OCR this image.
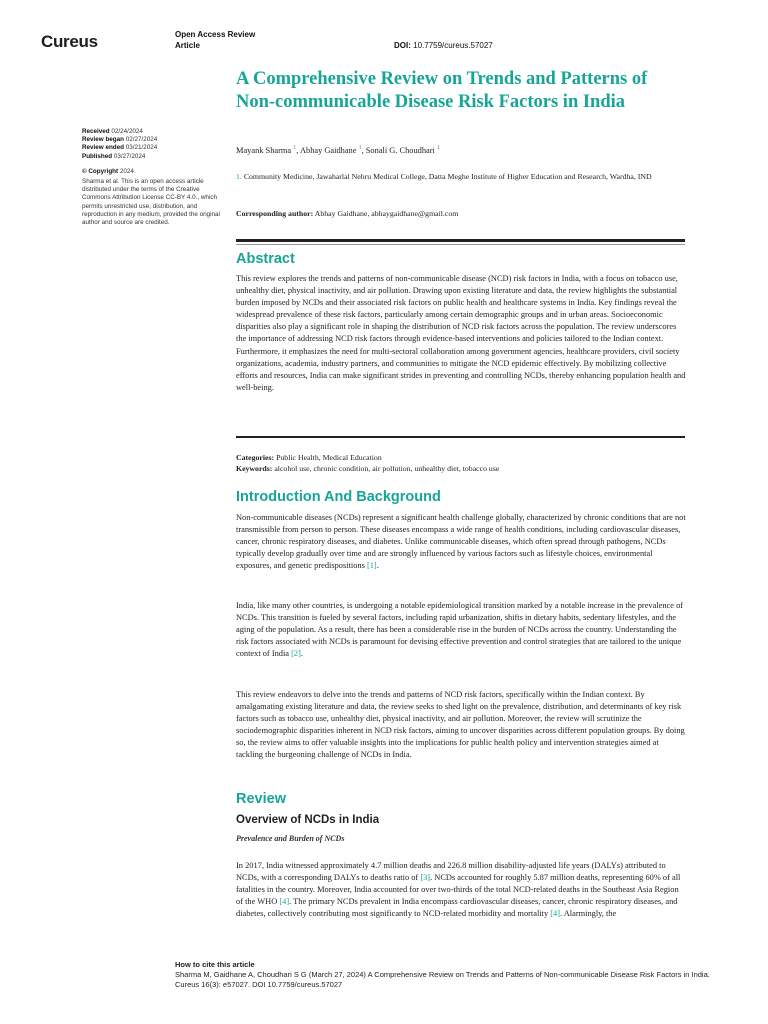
Cureus	Open Access Review
Article	DOI: 10.7759/cureus.57027
Received 02/24/2024
Review began 02/27/2024
Review ended 03/21/2024
Published 03/27/2024
© Copyright 2024
Sharma et al. This is an open access article distributed under the terms of the Creative Commons Attribution License CC-BY 4.0., which permits unrestricted use, distribution, and reproduction in any medium, provided the original author and source are credited.
A Comprehensive Review on Trends and Patterns of Non-communicable Disease Risk Factors in India
Mayank Sharma $^1$, Abhay Gaidhane $^1$, Sonali G. Choudhari $^1$
1. Community Medicine, Jawaharlal Nehru Medical College, Datta Meghe Institute of Higher Education and Research, Wardha, IND
Corresponding author: Abhay Gaidhane, abhaygaidhane@gmail.com
Abstract

This review explores the trends and patterns of non-communicable disease (NCD) risk factors in India, with a focus on tobacco use, unhealthy diet, physical inactivity, and air pollution. Drawing upon existing literature and data, the review highlights the substantial burden imposed by NCDs and their associated risk factors on public health and healthcare systems in India. Key findings reveal the widespread prevalence of these risk factors, particularly among certain demographic groups and in urban areas. Socioeconomic disparities also play a significant role in shaping the distribution of NCD risk factors across the population. The review underscores the importance of addressing NCD risk factors through evidence-based interventions and policies tailored to the Indian context. Furthermore, it emphasizes the need for multi-sectoral collaboration among government agencies, healthcare providers, civil society organizations, academia, industry partners, and communities to mitigate the NCD epidemic effectively. By mobilizing collective efforts and resources, India can make significant strides in preventing and controlling NCDs, thereby enhancing population health and well-being.

Categories: Public Health, Medical Education
Keywords: alcohol use, chronic condition, air pollution, unhealthy diet, tobacco use
Introduction And Background

Non-communicable diseases (NCDs) represent a significant health challenge globally, characterized by chronic conditions that are not transmissible from person to person. These diseases encompass a wide range of health conditions, including cardiovascular diseases, cancer, chronic respiratory diseases, and diabetes. Unlike communicable diseases, which often spread through pathogens, NCDs typically develop gradually over time and are strongly influenced by various factors such as lifestyle choices, environmental exposures, and genetic predispositions [1].

India, like many other countries, is undergoing a notable epidemiological transition marked by a notable increase in the prevalence of NCDs. This transition is fueled by several factors, including rapid urbanization, shifts in dietary habits, sedentary lifestyles, and the aging of the population. As a result, there has been a considerable rise in the burden of NCDs across the country. Understanding the risk factors associated with NCDs is paramount for devising effective prevention and control strategies that are tailored to the unique context of India [2].

This review endeavors to delve into the trends and patterns of NCD risk factors, specifically within the Indian context. By amalgamating existing literature and data, the review seeks to shed light on the prevalence, distribution, and determinants of key risk factors such as tobacco use, unhealthy diet, physical inactivity, and air pollution. Moreover, the review will scrutinize the sociodemographic disparities inherent in NCD risk factors, aiming to uncover disparities across different population groups. By doing so, the review aims to offer valuable insights into the implications for public health policy and intervention strategies aimed at tackling the burgeoning challenge of NCDs in India.

Review
Overview of NCDs in India
Prevalence and Burden of NCDs

In 2017, India witnessed approximately 4.7 million deaths and 226.8 million disability-adjusted life years (DALYs) attributed to NCDs, with a corresponding DALYs to deaths ratio of [3]. NCDs accounted for roughly 5.87 million deaths, representing 60% of all fatalities in the country. Moreover, India accounted for over two-thirds of the total NCD-related deaths in the Southeast Asia Region of the WHO [4]. The primary NCDs prevalent in India encompass cardiovascular diseases, cancer, chronic respiratory diseases, and diabetes, collectively contributing most significantly to NCD-related morbidity and mortality [4]. Alarmingly, the

How to cite this article
Sharma M, Gaidhane A, Choudhari S G (March 27, 2024) A Comprehensive Review on Trends and Patterns of Non-communicable Disease Risk Factors in India. Cureus 16(3): e57027. DOI 10.7759/cureus.57027
